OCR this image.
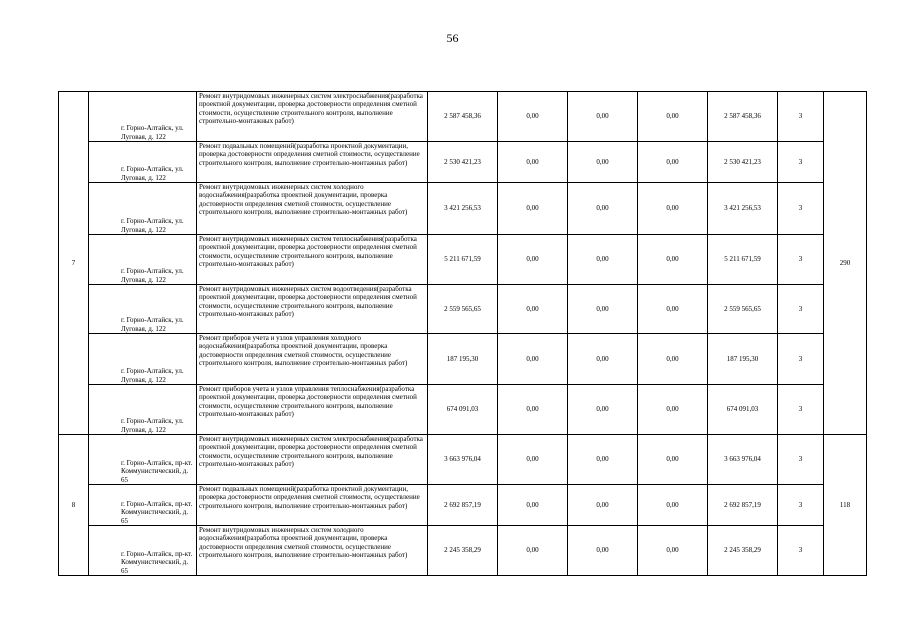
56
7	г. Горно-Алтайск, ул. Луговая, д. 122	Ремонт внутридомовых инженерных систем электроснабжения(разработка проектной документации, проверка достоверности определения сметной стоимости, осуществление строительного контроля, выполнение строительно-монтажных работ)	2 587 458,36	0,00	0,00	0,00	2 587 458,36	3	290
	г. Горно-Алтайск, ул. Луговая, д. 122	Ремонт подвальных помещений(разработка проектной документации, проверка достоверности определения сметной стоимости, осуществление строительного контроля, выполнение строительно-монтажных работ)	2 530 421,23	0,00	0,00	0,00	2 530 421,23	3	
	г. Горно-Алтайск, ул. Луговая, д. 122	Ремонт внутридомовых инженерных систем холодного водоснабжения(разработка проектной документации, проверка достоверности определения сметной стоимости, осуществление строительного контроля, выполнение строительно-монтажных работ)	3 421 256,53	0,00	0,00	0,00	3 421 256,53	3	
	г. Горно-Алтайск, ул. Луговая, д. 122	Ремонт внутридомовых инженерных систем теплоснабжения(разработка проектной документации, проверка достоверности определения сметной стоимости, осуществление строительного контроля, выполнение строительно-монтажных работ)	5 211 671,59	0,00	0,00	0,00	5 211 671,59	3	
	г. Горно-Алтайск, ул. Луговая, д. 122	Ремонт внутридомовых инженерных систем водоотведения(разработка проектной документации, проверка достоверности определения сметной стоимости, осуществление строительного контроля, выполнение строительно-монтажных работ)	2 559 565,65	0,00	0,00	0,00	2 559 565,65	3	
	г. Горно-Алтайск, ул. Луговая, д. 122	Ремонт приборов учета и узлов управления холодного водоснабжения(разработка проектной документации, проверка достоверности определения сметной стоимости, осуществление строительного контроля, выполнение строительно-монтажных работ)	187 195,30	0,00	0,00	0,00	187 195,30	3	
	г. Горно-Алтайск, ул. Луговая, д. 122	Ремонт приборов учета и узлов управления теплоснабжения(разработка проектной документации, проверка достоверности определения сметной стоимости, осуществление строительного контроля, выполнение строительно-монтажных работ)	674 091,03	0,00	0,00	0,00	674 091,03	3	
8	г. Горно-Алтайск, пр-кт. Коммунистический, д. 65	Ремонт внутридомовых инженерных систем электроснабжения(разработка проектной документации, проверка достоверности определения сметной стоимости, осуществление строительного контроля, выполнение строительно-монтажных работ)	3 663 976,04	0,00	0,00	0,00	3 663 976,04	3	118
	г. Горно-Алтайск, пр-кт. Коммунистический, д. 65	Ремонт подвальных помещений(разработка проектной документации, проверка достоверности определения сметной стоимости, осуществление строительного контроля, выполнение строительно-монтажных работ)	2 692 857,19	0,00	0,00	0,00	2 692 857,19	3	
	г. Горно-Алтайск, пр-кт. Коммунистический, д. 65	Ремонт внутридомовых инженерных систем холодного водоснабжения(разработка проектной документации, проверка достоверности определения сметной стоимости, осуществление строительного контроля, выполнение строительно-монтажных работ)	2 245 358,29	0,00	0,00	0,00	2 245 358,29	3	
